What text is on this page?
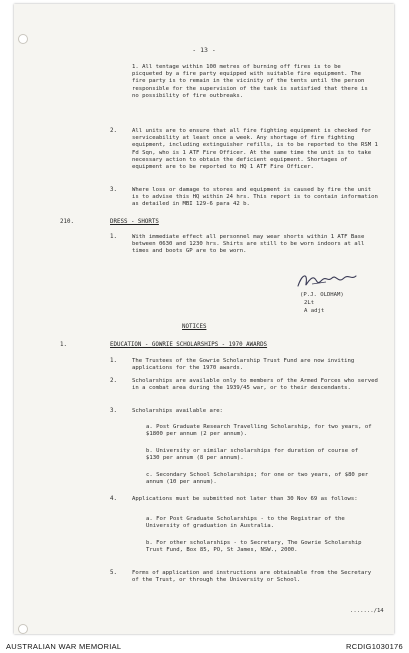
- 13 -

1. All tentage within 100 metres of burning off fires is to be picqueted by a fire party equipped with suitable fire equipment. The fire party is to remain in the vicinity of the tents until the person responsible for the supervision of the task is satisfied that there is no possibility of fire outbreaks.

2.	All units are to ensure that all fire fighting equipment is checked for serviceability at least once a week. Any shortage of fire fighting equipment, including extinguisher refills, is to be reported to the RSM 1 Fd Sqn, who is 1 ATF Fire Officer. At the same time the unit is to take necessary action to obtain the deficient equipment. Shortages of equipment are to be reported to HQ 1 ATF Fire Officer.

3.	Where loss or damage to stores and equipment is caused by fire the unit is to advise this HQ within 24 hrs. This report is to contain information as detailed in MBI 129-6 para 42 b.

210.	DRESS - SHORTS
1.	With immediate effect all personnel may wear shorts within 1 ATF Base between 0630 and 1230 hrs. Shirts are still to be worn indoors at all times and boots GP are to be worn.

(P.J. OLDHAM)
2Lt
A adjt
NOTICES
1.	EDUCATION - GOWRIE SCHOLARSHIPS - 1970 AWARDS
1.	The Trustees of the Gowrie Scholarship Trust Fund are now inviting applications for the 1970 awards.

2.	Scholarships are available only to members of the Armed Forces who served in a combat area during the 1939/45 war, or to their descendants.

3.	Scholarships available are:

a. Post Graduate Research Travelling Scholarship, for two years, of $1800 per annum (2 per annum).

b. University or similar scholarships for duration of course of $130 per annum (8 per annum).

c. Secondary School Scholarships; for one or two years, of $80 per annum (10 per annum).

4.	Applications must be submitted not later than 30 Nov 69 as follows:

a. For Post Graduate Scholarships - to the Registrar of the University of graduation in Australia.

b. For other scholarships - to Secretary, The Gowrie Scholarship Trust Fund, Box 85, PO, St James, NSW., 2000.

5.	Forms of application and instructions are obtainable from the Secretary of the Trust, or through the University or School.

......./14
AUSTRALIAN WAR MEMORIAL	RCDIG1030176
